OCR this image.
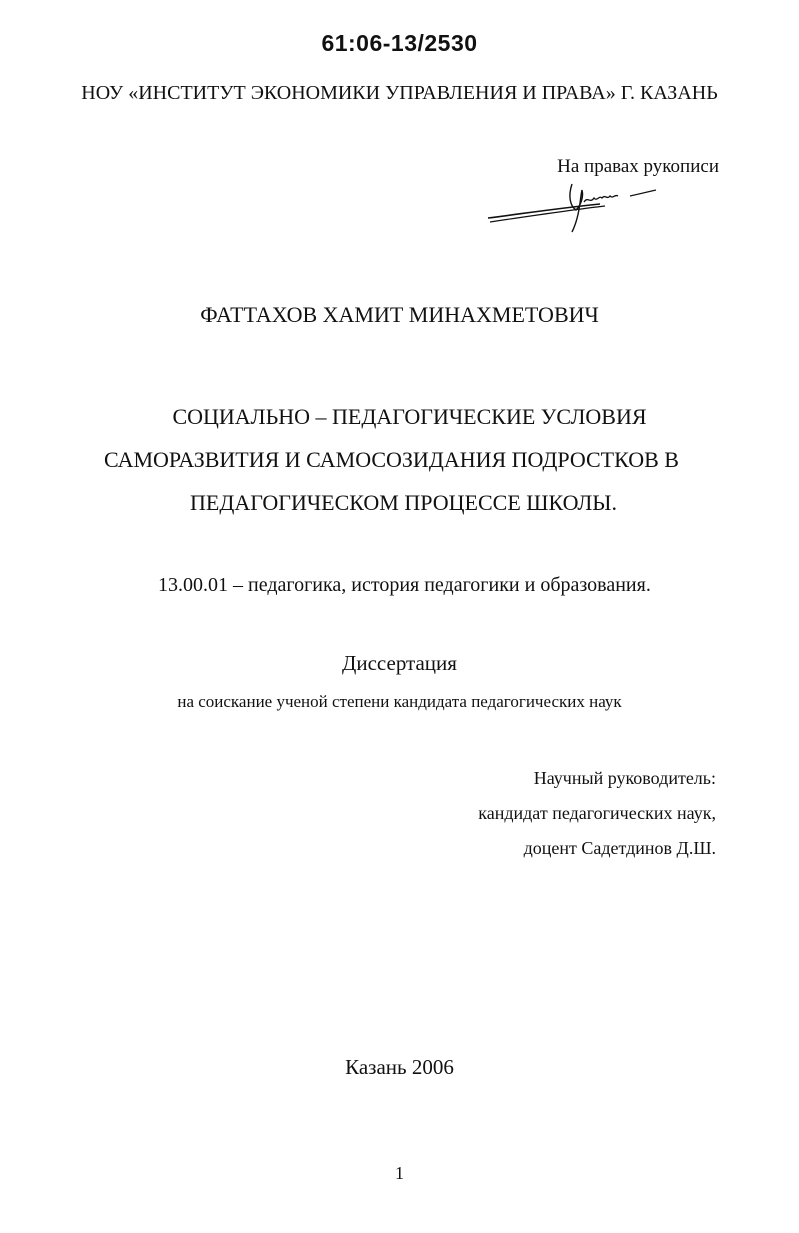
61:06-13/2530
НОУ «ИНСТИТУТ ЭКОНОМИКИ УПРАВЛЕНИЯ И ПРАВА» Г. КАЗАНЬ
На правах рукописи
ФАТТАХОВ ХАМИТ МИНАХМЕТОВИЧ
СОЦИАЛЬНО – ПЕДАГОГИЧЕСКИЕ УСЛОВИЯ
САМОРАЗВИТИЯ И САМОСОЗИДАНИЯ ПОДРОСТКОВ В
ПЕДАГОГИЧЕСКОМ ПРОЦЕССЕ ШКОЛЫ.
13.00.01 – педагогика, история педагогики и образования.
Диссертация
на соискание ученой степени кандидата педагогических наук
Научный руководитель:
кандидат педагогических наук,
доцент Садетдинов Д.Ш.
Казань 2006
1
